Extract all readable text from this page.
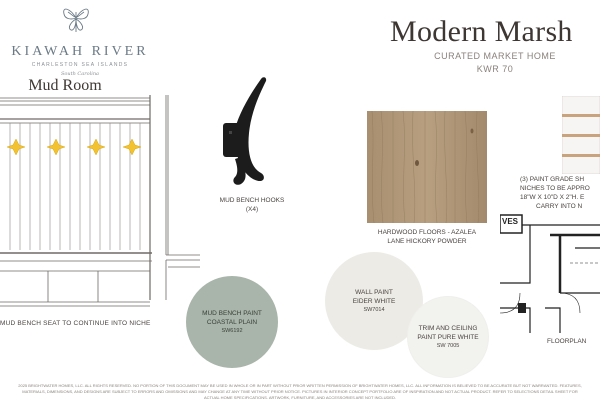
KIAWAH RIVER
CHARLESTON SEA ISLANDS
South Carolina
Mud Room
Modern Marsh
CURATED MARKET HOME
KWR 70
MUD BENCH SEAT TO CONTINUE INTO NICHE
MUD BENCH HOOKS
(X4)
MUD BENCH PAINT
COASTAL PLAIN
SW6192
WALL PAINT
EIDER WHITE
SW7014
TRIM AND CEILING
PAINT PURE WHITE
SW 7005
HARDWOOD FLOORS - AZALEA
LANE HICKORY POWDER
(3) PAINT GRADE SH
NICHES TO BE APPRO
18"W X 10"D X 2"H. E
CARRY INTO N
VES
FLOORPLAN
2025 BRIGHTWATER HOMES, LLC. ALL RIGHTS RESERVED. NO PORTION OF THIS DOCUMENT MAY BE USED IN WHOLE OR IN PART WITHOUT PRIOR WRITTEN PERMISSION OF BRIGHTWATER HOMES, LLC. ALL INFORMATION IS BELIEVED TO BE ACCURATE BUT NOT WARRANTED. FEATURES,
MATERIALS, DIMENSIONS, AND DESIGNS ARE SUBJECT TO ERRORS AND OMISSIONS AND MAY CHANGE AT ANY TIME WITHOUT PRIOR NOTICE. PICTURES IN INTERIOR CONCEPT PORTFOLIO ARE OF INSPIRATION AND NOT ACTUAL PRODUCT. REFER TO SELECTIONS DETAIL SHEET FOR
ACTUAL HOME SPECIFICATIONS. ARTWORK, FURNITURE, AND ACCESSORIES ARE NOT INCLUDED.
